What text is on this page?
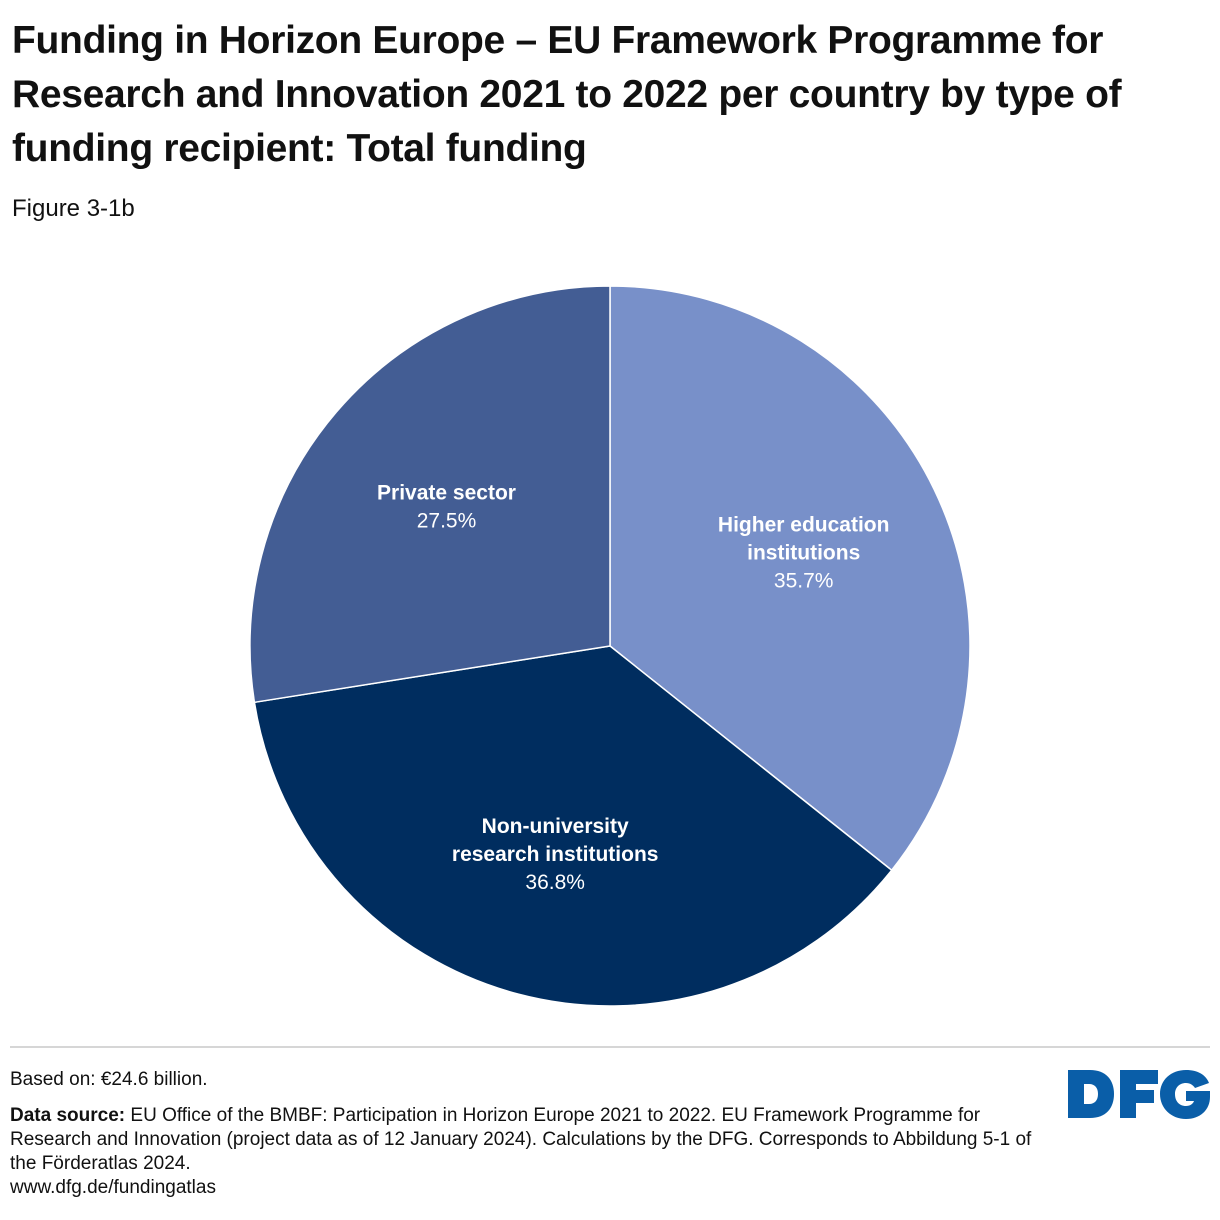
Funding in Horizon Europe – EU Framework Programme for Research and Innovation 2021 to 2022 per country by type of funding recipient: Total funding

Figure 3-1b

Higher education institutions 35.7%
Non-university research institutions 36.8%
Private sector 27.5%

Based on: €24.6 billion.

Data source: EU Office of the BMBF: Participation in Horizon Europe 2021 to 2022. EU Framework Programme for Research and Innovation (project data as of 12 January 2024). Calculations by the DFG. Corresponds to Abbildung 5-1 of the Förderatlas 2024.

www.dfg.de/fundingatlas
